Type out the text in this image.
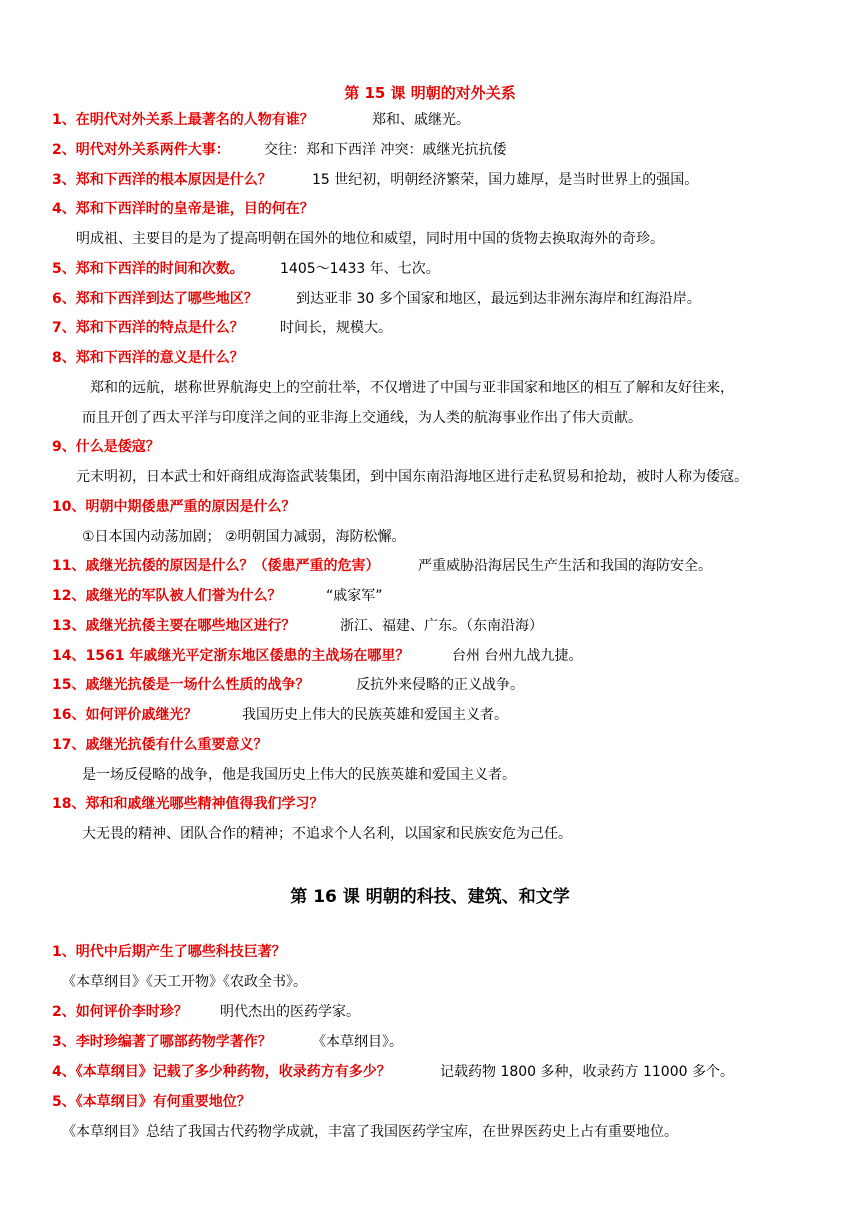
第 15 课 明朝的对外关系
1、在明代对外关系上最著名的人物有谁？	郑和、戚继光。
2、明代对外关系两件大事： 交往：郑和下西洋 冲突：戚继光抗抗倭
3、郑和下西洋的根本原因是什么？	15 世纪初，明朝经济繁荣，国力雄厚，是当时世界上的强国。
4、郑和下西洋时的皇帝是谁，目的何在？
明成祖、主要目的是为了提高明朝在国外的地位和威望，同时用中国的货物去换取海外的奇珍。
5、郑和下西洋的时间和次数。	1405～1433 年、七次。
6、郑和下西洋到达了哪些地区？	到达亚非 30 多个国家和地区，最远到达非洲东海岸和红海沿岸。
7、郑和下西洋的特点是什么？	时间长，规模大。
8、郑和下西洋的意义是什么？
郑和的远航，堪称世界航海史上的空前壮举，不仅增进了中国与亚非国家和地区的相互了解和友好往来，
而且开创了西太平洋与印度洋之间的亚非海上交通线，为人类的航海事业作出了伟大贡献。
9、什么是倭寇？
元末明初，日本武士和奸商组成海盗武装集团，到中国东南沿海地区进行走私贸易和抢劫，被时人称为倭寇。
10、明朝中期倭患严重的原因是什么？
①日本国内动荡加剧； ②明朝国力减弱，海防松懈。
11、戚继光抗倭的原因是什么？（倭患严重的危害）	严重威胁沿海居民生产生活和我国的海防安全。
12、戚继光的军队被人们誉为什么？	“戚家军”
13、戚继光抗倭主要在哪些地区进行？	浙江、福建、广东。（东南沿海）
14、1561 年戚继光平定浙东地区倭患的主战场在哪里？	台州 台州九战九捷。
15、戚继光抗倭是一场什么性质的战争？	反抗外来侵略的正义战争。
16、如何评价戚继光？	我国历史上伟大的民族英雄和爱国主义者。
17、戚继光抗倭有什么重要意义？
是一场反侵略的战争，他是我国历史上伟大的民族英雄和爱国主义者。
18、郑和和戚继光哪些精神值得我们学习？
大无畏的精神、团队合作的精神；不追求个人名利，以国家和民族安危为己任。
第 16 课 明朝的科技、建筑、和文学
1、明代中后期产生了哪些科技巨著？
《本草纲目》《天工开物》《农政全书》。
2、如何评价李时珍？ 明代杰出的医药学家。
3、李时珍编著了哪部药物学著作？	《本草纲目》。
4、《本草纲目》记载了多少种药物，收录药方有多少？	记载药物 1800 多种，收录药方 11000 多个。
5、《本草纲目》有何重要地位？
《本草纲目》总结了我国古代药物学成就，丰富了我国医药学宝库，在世界医药史上占有重要地位。
